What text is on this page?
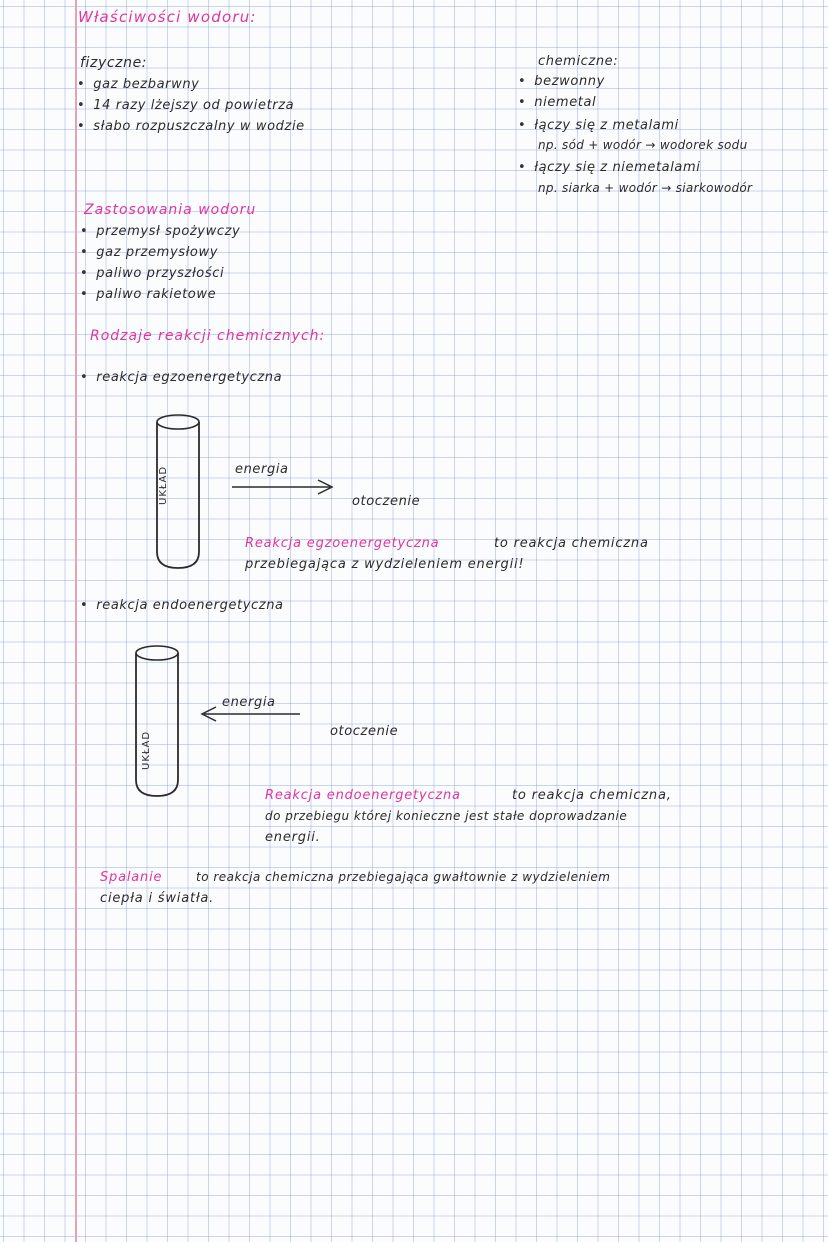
Właściwości wodoru:
fizyczne:
• gaz bezbarwny
• 14 razy lżejszy od powietrza
• słabo rozpuszczalny w wodzie
chemiczne:
• bezwonny
• niemetal
• łączy się z metalami
np. sód + wodór → wodorek sodu
• łączy się z niemetalami
np. siarka + wodór → siarkowodór
Zastosowania wodoru
• przemysł spożywczy
• gaz przemysłowy
• paliwo przyszłości
• paliwo rakietowe
Rodzaje reakcji chemicznych:
• reakcja egzoenergetyczna
UKŁAD	energia
otoczenie
Reakcja egzoenergetyczna	to reakcja chemiczna
przebiegająca z wydzieleniem energii!
• reakcja endoenergetyczna
UKŁAD
energia
otoczenie
Reakcja endoenergetyczna	to reakcja chemiczna,
do przebiegu której konieczne jest stałe doprowadzanie
energii.
Spalanie	to reakcja chemiczna przebiegająca gwałtownie z wydzieleniem
ciepła i światła.
